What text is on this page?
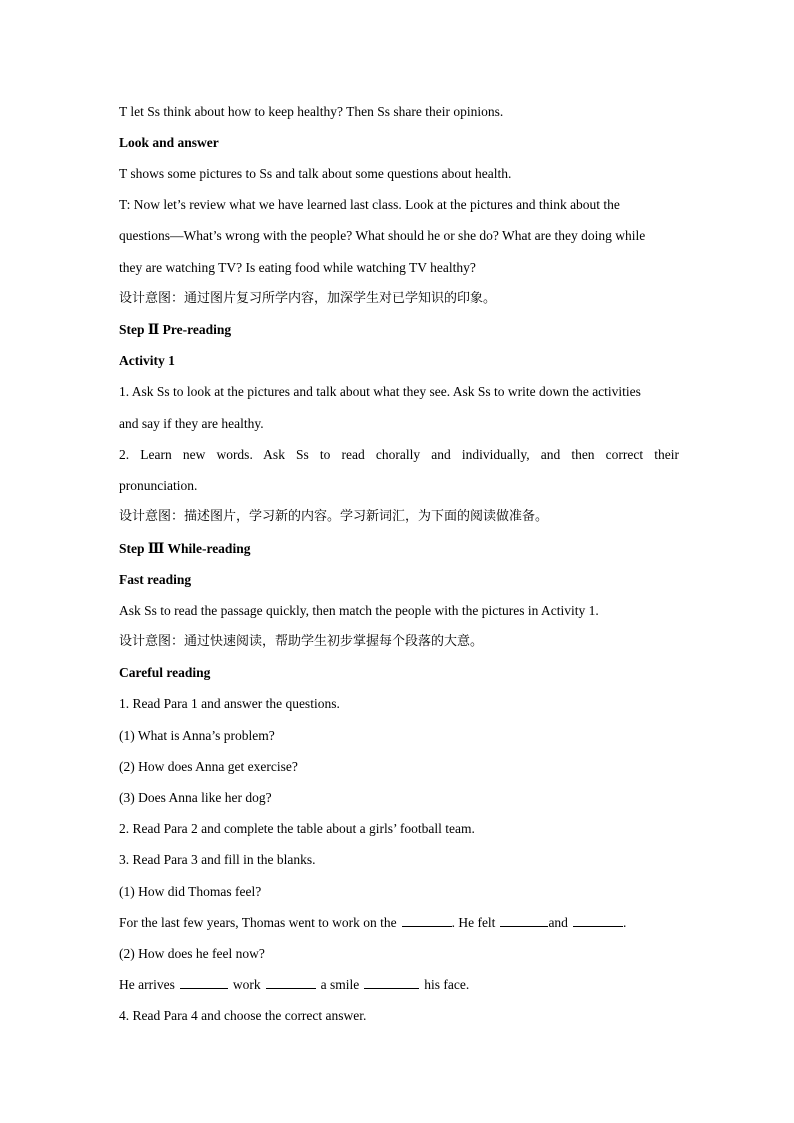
T let Ss think about how to keep healthy? Then Ss share their opinions.
Look and answer
T shows some pictures to Ss and talk about some questions about health.
T: Now let’s review what we have learned last class. Look at the pictures and think about the
questions—What’s wrong with the people? What should he or she do? What are they doing while
they are watching TV? Is eating food while watching TV healthy?
设计意图：通过图片复习所学内容，加深学生对已学知识的印象。
Step Ⅱ Pre-reading
Activity 1
1. Ask Ss to look at the pictures and talk about what they see. Ask Ss to write down the activities
and say if they are healthy.
2. Learn new words. Ask Ss to read chorally and individually, and then correct their
pronunciation.
设计意图：描述图片，学习新的内容。学习新词汇，为下面的阅读做准备。
Step Ⅲ While-reading
Fast reading
Ask Ss to read the passage quickly, then match the people with the pictures in Activity 1.
设计意图：通过快速阅读，帮助学生初步掌握每个段落的大意。
Careful reading
1. Read Para 1 and answer the questions.
(1) What is Anna’s problem?
(2) How does Anna get exercise?
(3) Does Anna like her dog?
2. Read Para 2 and complete the table about a girls’ football team.
3. Read Para 3 and fill in the blanks.
(1) How did Thomas feel?
For the last few years, Thomas went to work on the	. He felt	and	.
(2) How does he feel now?
He arrives	work	a smile	his face.
4. Read Para 4 and choose the correct answer.
